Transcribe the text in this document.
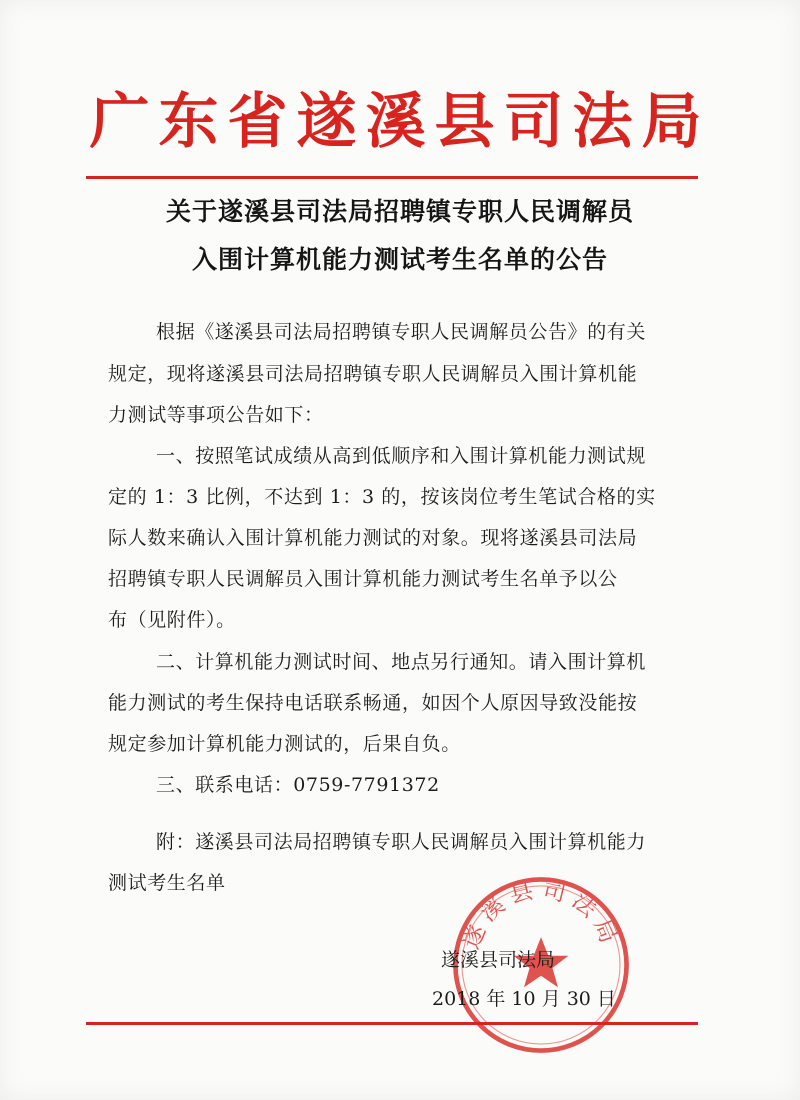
广东省遂溪县司法局
关于遂溪县司法局招聘镇专职人民调解员
入围计算机能力测试考生名单的公告
根据《遂溪县司法局招聘镇专职人民调解员公告》的有关
规定，现将遂溪县司法局招聘镇专职人民调解员入围计算机能
力测试等事项公告如下：
一、按照笔试成绩从高到低顺序和入围计算机能力测试规
定的 1：3 比例，不达到 1：3 的，按该岗位考生笔试合格的实
际人数来确认入围计算机能力测试的对象。现将遂溪县司法局
招聘镇专职人民调解员入围计算机能力测试考生名单予以公
布（见附件）。
二、计算机能力测试时间、地点另行通知。请入围计算机
能力测试的考生保持电话联系畅通，如因个人原因导致没能按
规定参加计算机能力测试的，后果自负。
三、联系电话：0759-7791372
附：遂溪县司法局招聘镇专职人民调解员入围计算机能力
测试考生名单
遂溪县司法局
遂溪县司法局
2018 年 10 月 30 日
